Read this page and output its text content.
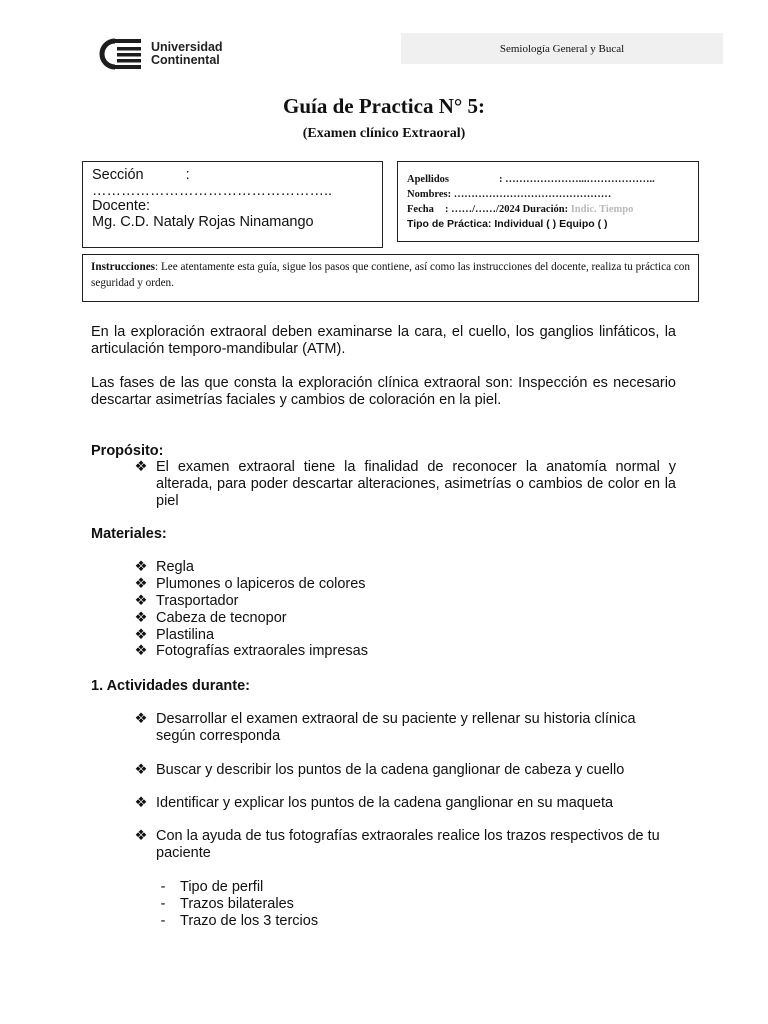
Universidad
Continental
Semiología General y Bucal
Guía de Practica N° 5:
(Examen clínico Extraoral)
Sección	:
…………………………………………..
Docente:
Mg. C.D. Nataly Rojas Ninamango
Apellidos	: …………………...………………..
Nombres: ………………………………………
Fecha : ……/……/2024 Duración: Indic. Tiempo
Tipo de Práctica: Individual ( ) Equipo ( )
Instrucciones: Lee atentamente esta guía, sigue los pasos que contiene, así como las instrucciones del docente, realiza tu práctica con seguridad y orden.
En la exploración extraoral deben examinarse la cara, el cuello, los ganglios linfáticos, la articulación temporo-mandibular (ATM).
Las fases de las que consta la exploración clínica extraoral son: Inspección es necesario descartar asimetrías faciales y cambios de coloración en la piel.
Propósito:
❖ El examen extraoral tiene la finalidad de reconocer la anatomía normal y alterada, para poder descartar alteraciones, asimetrías o cambios de color en la piel
Materiales:
❖ Regla
❖ Plumones o lapiceros de colores
❖ Trasportador
❖ Cabeza de tecnopor
❖ Plastilina
❖ Fotografías extraorales impresas
1. Actividades durante:
❖ Desarrollar el examen extraoral de su paciente y rellenar su historia clínica según corresponda
❖ Buscar y describir los puntos de la cadena ganglionar de cabeza y cuello
❖ Identificar y explicar los puntos de la cadena ganglionar en su maqueta
❖ Con la ayuda de tus fotografías extraorales realice los trazos respectivos de tu paciente
-	Tipo de perfil
-	Trazos bilaterales
-	Trazo de los 3 tercios
